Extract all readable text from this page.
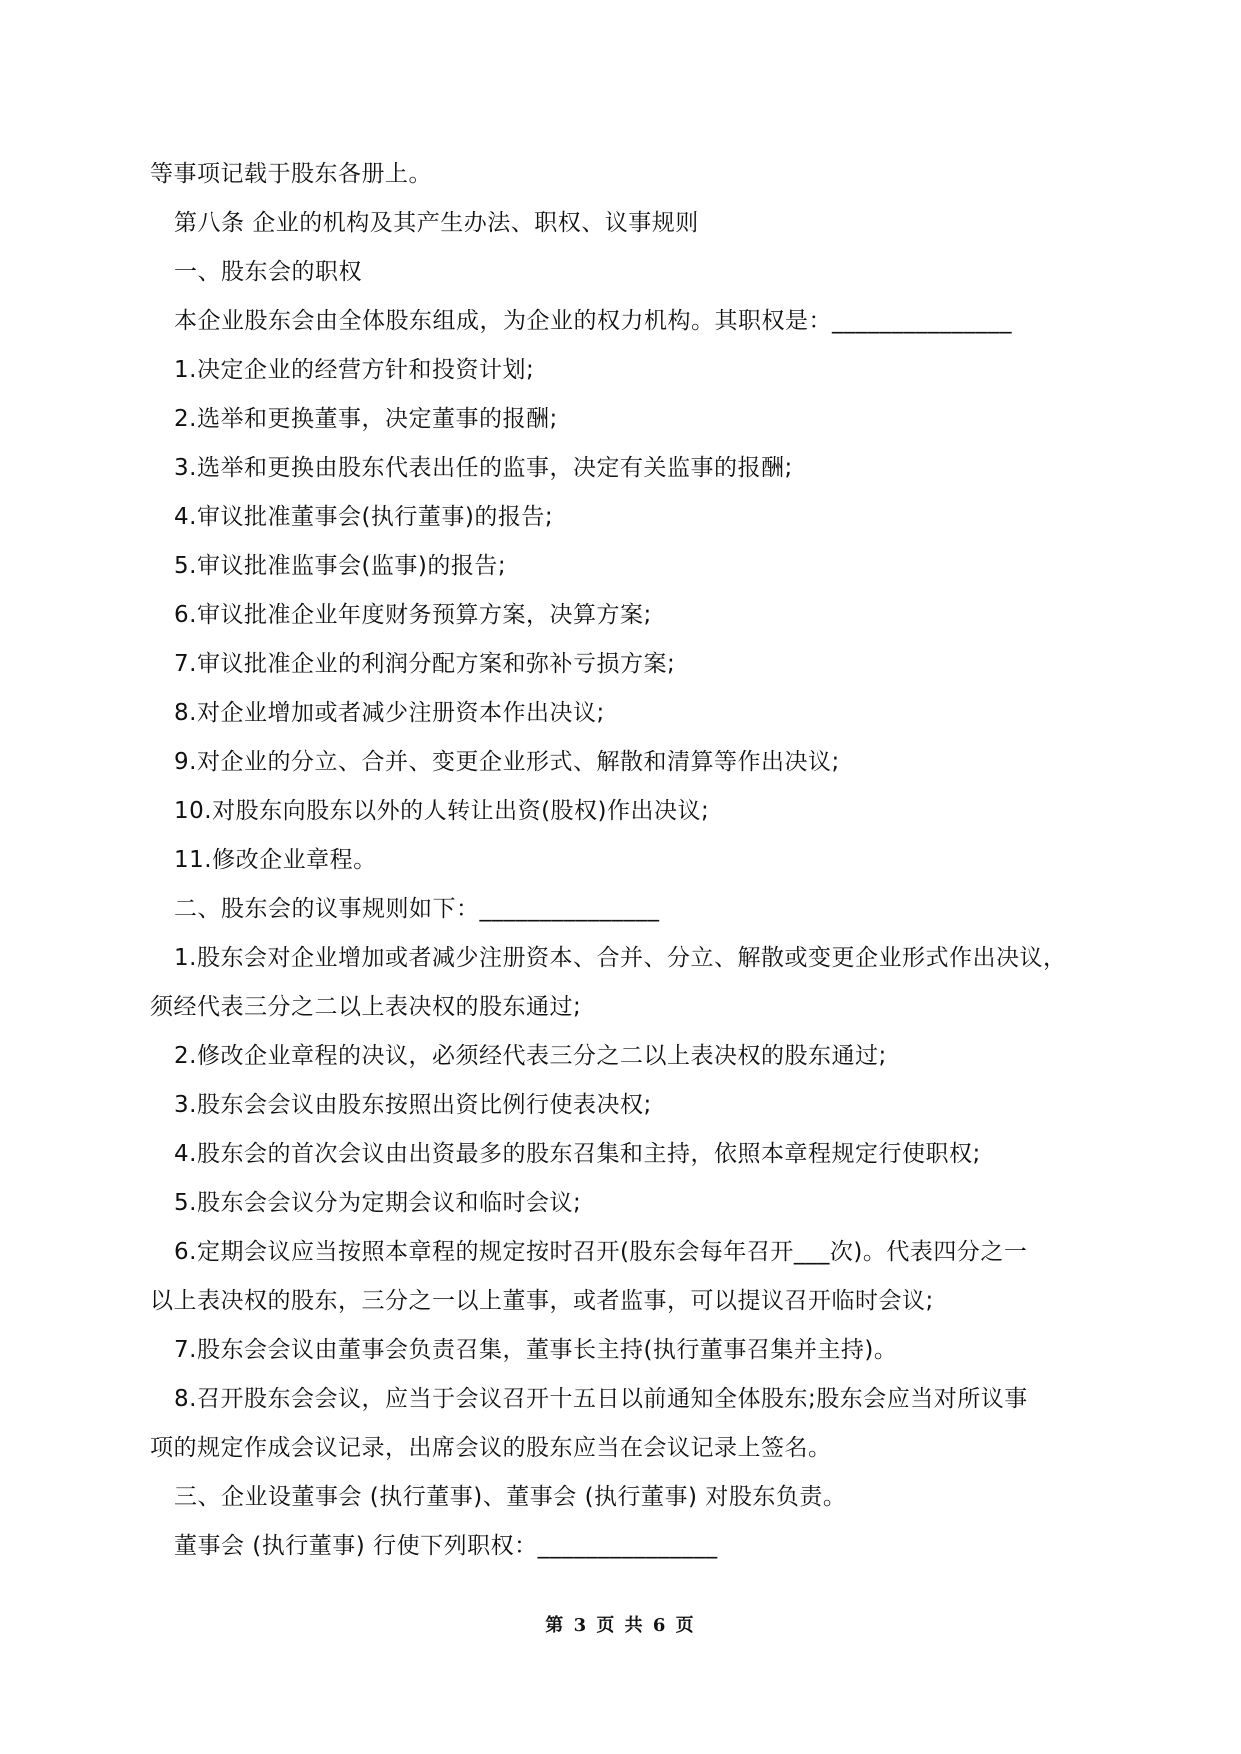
等事项记载于股东各册上。

第八条 企业的机构及其产生办法、职权、议事规则

一、股东会的职权

本企业股东会由全体股东组成，为企业的权力机构。其职权是：_______________

1.决定企业的经营方针和投资计划;

2.选举和更换董事，决定董事的报酬;

3.选举和更换由股东代表出任的监事，决定有关监事的报酬;

4.审议批准董事会(执行董事)的报告;

5.审议批准监事会(监事)的报告;

6.审议批准企业年度财务预算方案，决算方案;

7.审议批准企业的利润分配方案和弥补亏损方案;

8.对企业增加或者减少注册资本作出决议;

9.对企业的分立、合并、变更企业形式、解散和清算等作出决议;

10.对股东向股东以外的人转让出资(股权)作出决议;

11.修改企业章程。

二、股东会的议事规则如下：_______________

1.股东会对企业增加或者减少注册资本、合并、分立、解散或变更企业形式作出决议，

须经代表三分之二以上表决权的股东通过;

2.修改企业章程的决议，必须经代表三分之二以上表决权的股东通过;

3.股东会会议由股东按照出资比例行使表决权;

4.股东会的首次会议由出资最多的股东召集和主持，依照本章程规定行使职权;

5.股东会会议分为定期会议和临时会议;

6.定期会议应当按照本章程的规定按时召开(股东会每年召开___次)。代表四分之一

以上表决权的股东，三分之一以上董事，或者监事，可以提议召开临时会议;

7.股东会会议由董事会负责召集，董事长主持(执行董事召集并主持)。

8.召开股东会会议，应当于会议召开十五日以前通知全体股东;股东会应当对所议事

项的规定作成会议记录，出席会议的股东应当在会议记录上签名。

三、企业设董事会 (执行董事)、董事会 (执行董事) 对股东负责。

董事会 (执行董事) 行使下列职权：_______________

第 3 页 共 6 页
